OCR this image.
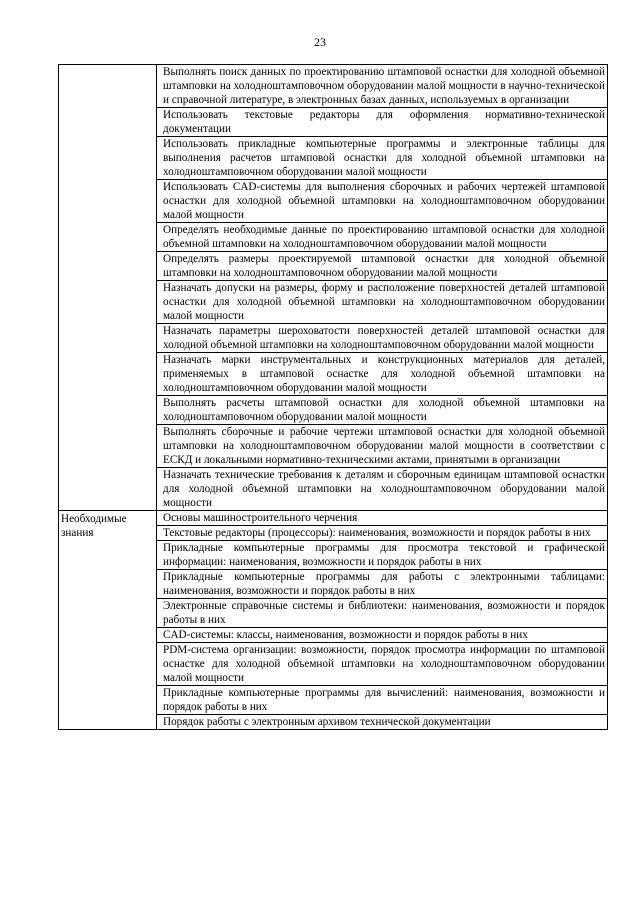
23
	Выполнять поиск данных по проектированию штамповой оснастки для холодной объемной штамповки на холодноштамповочном оборудовании малой мощности в научно-технической и справочной литературе, в электронных базах данных, используемых в организации
	Использовать текстовые редакторы для оформления нормативно-технической документации
	Использовать прикладные компьютерные программы и электронные таблицы для выполнения расчетов штамповой оснастки для холодной объемной штамповки на холодноштамповочном оборудовании малой мощности
	Использовать CAD-системы для выполнения сборочных и рабочих чертежей штамповой оснастки для холодной объемной штамповки на холодноштамповочном оборудовании малой мощности
	Определять необходимые данные по проектированию штамповой оснастки для холодной объемной штамповки на холодноштамповочном оборудовании малой мощности
	Определять размеры проектируемой штамповой оснастки для холодной объемной штамповки на холодноштамповочном оборудовании малой мощности
	Назначать допуски на размеры, форму и расположение поверхностей деталей штамповой оснастки для холодной объемной штамповки на холодноштамповочном оборудовании малой мощности
	Назначать параметры шероховатости поверхностей деталей штамповой оснастки для холодной объемной штамповки на холодноштамповочном оборудовании малой мощности
	Назначать марки инструментальных и конструкционных материалов для деталей, применяемых в штамповой оснастке для холодной объемной штамповки на холодноштамповочном оборудовании малой мощности
	Выполнять расчеты штамповой оснастки для холодной объемной штамповки на холодноштамповочном оборудовании малой мощности
	Выполнять сборочные и рабочие чертежи штамповой оснастки для холодной объемной штамповки на холодноштамповочном оборудовании малой мощности в соответствии с ЕСКД и локальными нормативно-техническими актами, принятыми в организации
	Назначать технические требования к деталям и сборочным единицам штамповой оснастки для холодной объемной штамповки на холодноштамповочном оборудовании малой мощности
Необходимые знания	Основы машиностроительного черчения
	Текстовые редакторы (процессоры): наименования, возможности и порядок работы в них
	Прикладные компьютерные программы для просмотра текстовой и графической информации: наименования, возможности и порядок работы в них
	Прикладные компьютерные программы для работы с электронными таблицами: наименования, возможности и порядок работы в них
	Электронные справочные системы и библиотеки: наименования, возможности и порядок работы в них
	CAD-системы: классы, наименования, возможности и порядок работы в них
	PDM-система организации: возможности, порядок просмотра информации по штамповой оснастке для холодной объемной штамповки на холодноштамповочном оборудовании малой мощности
	Прикладные компьютерные программы для вычислений: наименования, возможности и порядок работы в них
	Порядок работы с электронным архивом технической документации
